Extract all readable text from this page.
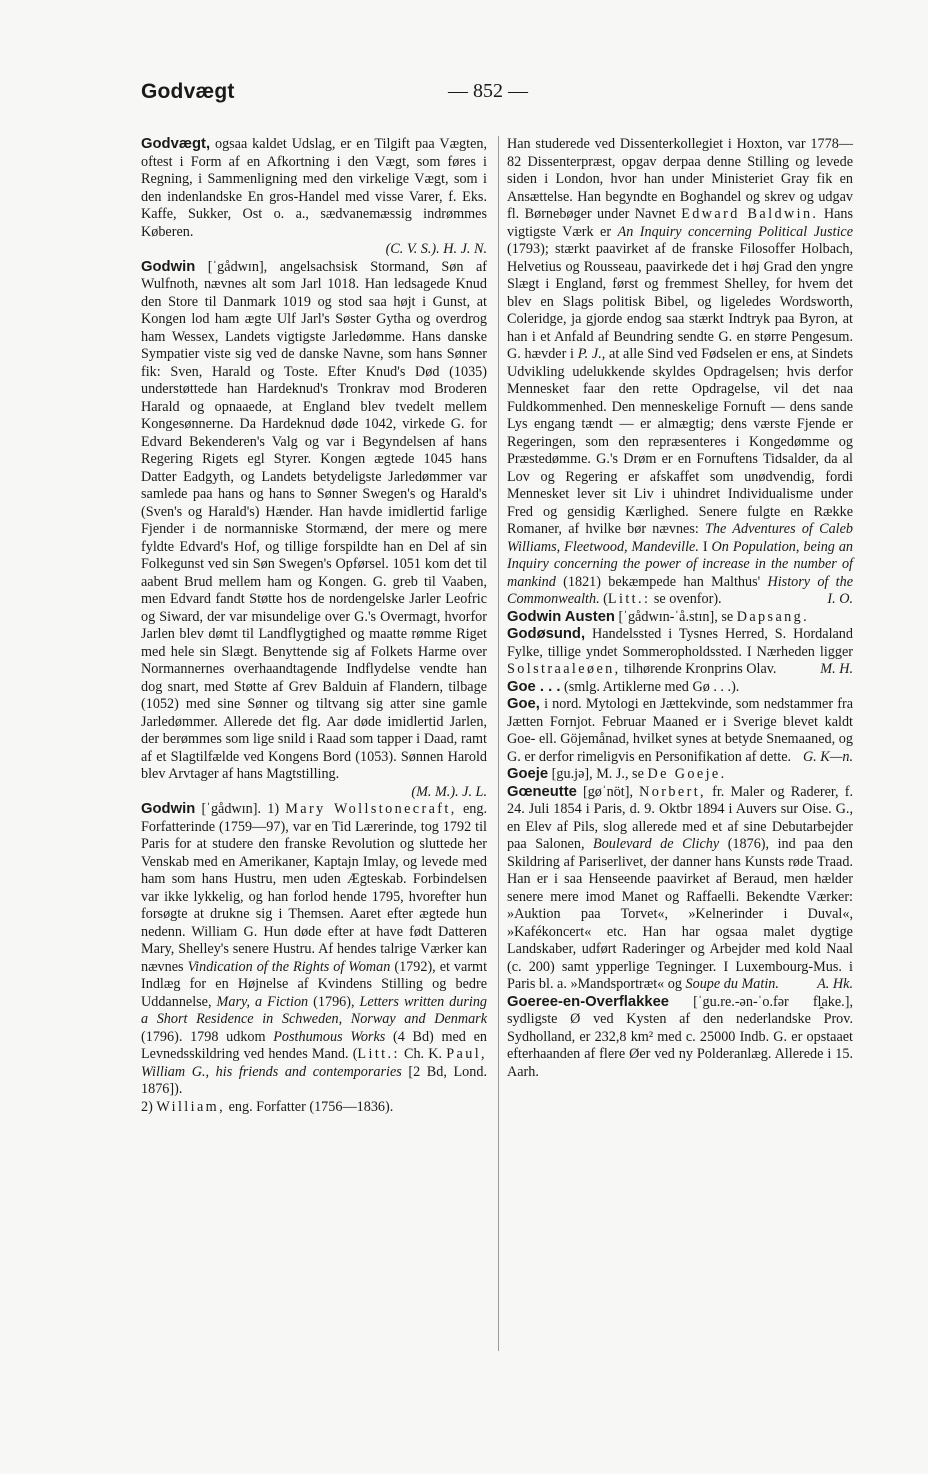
Godvægt	— 852 —

Godvægt, ogsaa kaldet Udslag, er en Tilgift paa Vægten, oftest i Form af en Afkortning i den Vægt, som føres i Regning, i Sammenligning med den virkelige Vægt, som i den indenlandske En gros-Handel med visse Varer, f. Eks. Kaffe, Sukker, Ost o. a., sædvanemæssig indrømmes Køberen.
(C. V. S.). H. J. N.

Godwin [ˈgådwɪn], angelsachsisk Stormand, Søn af Wulfnoth, nævnes alt som Jarl 1018. Han ledsagede Knud den Store til Danmark 1019 og stod saa højt i Gunst, at Kongen lod ham ægte Ulf Jarl's Søster Gytha og overdrog ham Wessex, Landets vigtigste Jarledømme. Hans danske Sympatier viste sig ved de danske Navne, som hans Sønner fik: Sven, Harald og Toste. Efter Knud's Død (1035) understøttede han Hardeknud's Tronkrav mod Broderen Harald og opnaaede, at England blev tvedelt mellem Kongesønnerne. Da Hardeknud døde 1042, virkede G. for Edvard Bekenderen's Valg og var i Begyndelsen af hans Regering Rigets egl Styrer. Kongen ægtede 1045 hans Datter Eadgyth, og Landets betydeligste Jarledømmer var samlede paa hans og hans to Sønner Swegen's og Harald's (Sven's og Harald's) Hænder. Han havde imidlertid farlige Fjender i de normanniske Stormænd, der mere og mere fyldte Edvard's Hof, og tillige forspildte han en Del af sin Folkegunst ved sin Søn Swegen's Opførsel. 1051 kom det til aabent Brud mellem ham og Kongen. G. greb til Vaaben, men Edvard fandt Støtte hos de nordengelske Jarler Leofric og Siward, der var misundelige over G.'s Overmagt, hvorfor Jarlen blev dømt til Landflygtighed og maatte rømme Riget med hele sin Slægt. Benyttende sig af Folkets Harme over Normannernes overhaandtagende Indflydelse vendte han dog snart, med Støtte af Grev Balduin af Flandern, tilbage (1052) med sine Sønner og tiltvang sig atter sine gamle Jarledømmer. Allerede det flg. Aar døde imidlertid Jarlen, der berømmes som lige snild i Raad som tapper i Daad, ramt af et Slagtilfælde ved Kongens Bord (1053). Sønnen Harold blev Arvtager af hans Magtstilling.
(M. M.). J. L.

Godwin [ˈgådwɪn]. 1) Mary Wollstonecraft, eng. Forfatterinde (1759—97), var en Tid Lærerinde, tog 1792 til Paris for at studere den franske Revolution og sluttede her Venskab med en Amerikaner, Kaptajn Imlay, og levede med ham som hans Hustru, men uden Ægteskab. Forbindelsen var ikke lykkelig, og han forlod hende 1795, hvorefter hun forsøgte at drukne sig i Themsen. Aaret efter ægtede hun nedenn. William G. Hun døde efter at have født Datteren Mary, Shelley's senere Hustru. Af hendes talrige Værker kan nævnes Vindication of the Rights of Woman (1792), et varmt Indlæg for en Højnelse af Kvindens Stilling og bedre Uddannelse, Mary, a Fiction (1796), Letters written during a Short Residence in Schweden, Norway and Denmark (1796). 1798 udkom Posthumous Works (4 Bd) med en Levnedsskildring ved hendes Mand. (Litt.: Ch. K. Paul, William G., his friends and contemporaries [2 Bd, Lond. 1876]).

2) William, eng. Forfatter (1756—1836).

Han studerede ved Dissenterkollegiet i Hoxton, var 1778—82 Dissenterpræst, opgav derpaa denne Stilling og levede siden i London, hvor han under Ministeriet Gray fik en Ansættelse. Han begyndte en Boghandel og skrev og udgav fl. Børnebøger under Navnet Edward Baldwin. Hans vigtigste Værk er An Inquiry concerning Political Justice (1793); stærkt paavirket af de franske Filosoffer Holbach, Helvetius og Rousseau, paavirkede det i høj Grad den yngre Slægt i England, først og fremmest Shelley, for hvem det blev en Slags politisk Bibel, og ligeledes Wordsworth, Coleridge, ja gjorde endog saa stærkt Indtryk paa Byron, at han i et Anfald af Beundring sendte G. en større Pengesum. G. hævder i P. J., at alle Sind ved Fødselen er ens, at Sindets Udvikling udelukkende skyldes Opdragelsen; hvis derfor Mennesket faar den rette Opdragelse, vil det naa Fuldkommenhed. Den menneskelige Fornuft — dens sande Lys engang tændt — er almægtig; dens værste Fjende er Regeringen, som den repræsenteres i Kongedømme og Præstedømme. G.'s Drøm er en Fornuftens Tidsalder, da al Lov og Regering er afskaffet som unødvendig, fordi Mennesket lever sit Liv i uhindret Individualisme under Fred og gensidig Kærlighed. Senere fulgte en Række Romaner, af hvilke bør nævnes: The Adventures of Caleb Williams, Fleetwood, Mandeville. I On Population, being an Inquiry concerning the power of increase in the number of mankind (1821) bekæmpede han Malthus' History of the Commonwealth. (Litt.: se ovenfor).	I. O.

Godwin Austen [ˈgådwɪn-ˈå.stɪn], se Dapsang.

Godøsund, Handelssted i Tysnes Herred, S. Hordaland Fylke, tillige yndet Sommeropholdssted. I Nærheden ligger Solstraaleøen, tilhørende Kronprins Olav.	M. H.

Goe . . . (smlg. Artiklerne med Gø . . .).

Goe, i nord. Mytologi en Jættekvinde, som nedstammer fra Jætten Fornjot. Februar Maaned er i Sverige blevet kaldt Goe- ell. Göjemånad, hvilket synes at betyde Snemaaned, og G. er derfor rimeligvis en Personifikation af dette. G. K—n.

Goeje [gu.jə], M. J., se De Goeje.

Gœneutte [gøˈnöt], Norbert, fr. Maler og Raderer, f. 24. Juli 1854 i Paris, d. 9. Oktbr 1894 i Auvers sur Oise. G., en Elev af Pils, slog allerede med et af sine Debutarbejder paa Salonen, Boulevard de Clichy (1876), ind paa den Skildring af Pariserlivet, der danner hans Kunsts røde Traad. Han er i saa Henseende paavirket af Beraud, men hælder senere mere imod Manet og Raffaelli. Bekendte Værker: »Auktion paa Torvet«, »Kelnerinder i Duval«, »Kafékoncert« etc. Han har ogsaa malet dygtige Landskaber, udført Raderinger og Arbejder med kold Naal (c. 200) samt ypperlige Tegninger. I Luxembourg-Mus. i Paris bl. a. »Mandsportræt« og Soupe du Matin.	A. Hk.

Goeree-en-Overflakkee [ˈgu.re.-ən-ˈo.fər fl̯ake.], sydligste Ø ved Kysten af den nederlandske Prov. Sydholland, er 232,8 km² med c. 25000 Indb. G. er opstaaet efterhaanden af flere Øer ved ny Polderanlæg. Allerede i 15. Aarh.
